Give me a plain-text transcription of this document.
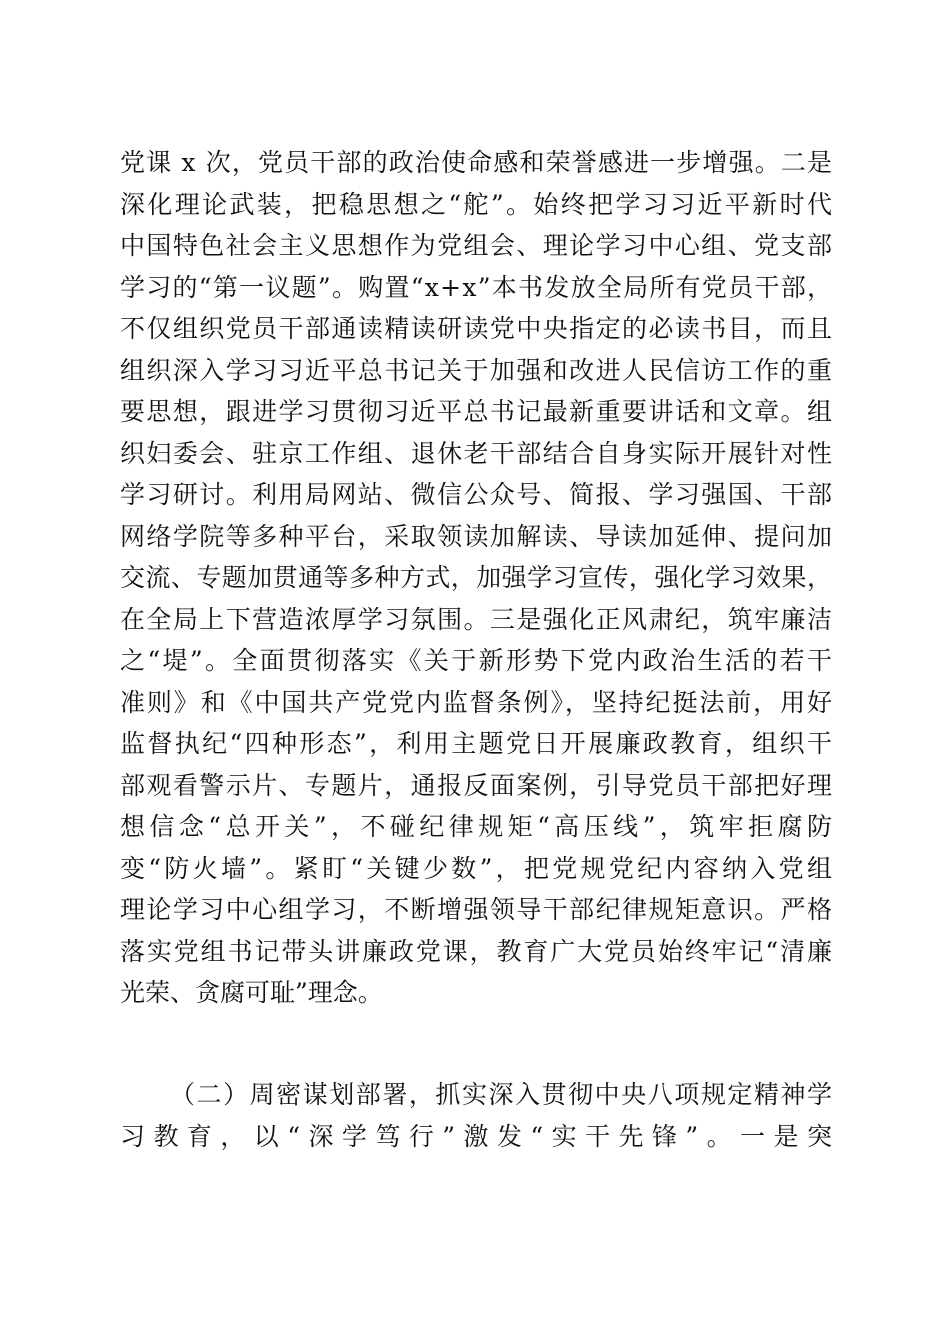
党课 x 次，党员干部的政治使命感和荣誉感进一步增强。二是
深化理论武装，把稳思想之“舵”。始终把学习习近平新时代
中国特色社会主义思想作为党组会、理论学习中心组、党支部
学习的“第一议题”。购置“x+x”本书发放全局所有党员干部，
不仅组织党员干部通读精读研读党中央指定的必读书目，而且
组织深入学习习近平总书记关于加强和改进人民信访工作的重
要思想，跟进学习贯彻习近平总书记最新重要讲话和文章。组
织妇委会、驻京工作组、退休老干部结合自身实际开展针对性
学习研讨。利用局网站、微信公众号、简报、学习强国、干部
网络学院等多种平台，采取领读加解读、导读加延伸、提问加
交流、专题加贯通等多种方式，加强学习宣传，强化学习效果，
在全局上下营造浓厚学习氛围。三是强化正风肃纪，筑牢廉洁
之“堤”。全面贯彻落实《关于新形势下党内政治生活的若干
准则》和《中国共产党党内监督条例》，坚持纪挺法前，用好
监督执纪“四种形态”，利用主题党日开展廉政教育，组织干
部观看警示片、专题片，通报反面案例，引导党员干部把好理
想信念“总开关”，不碰纪律规矩“高压线”，筑牢拒腐防
变“防火墙”。紧盯“关键少数”，把党规党纪内容纳入党组
理论学习中心组学习，不断增强领导干部纪律规矩意识。严格
落实党组书记带头讲廉政党课，教育广大党员始终牢记“清廉
光荣、贪腐可耻”理念。
（二）周密谋划部署，抓实深入贯彻中央八项规定精神学
习教育，以“深学笃行”激发“实干先锋”。一是突
